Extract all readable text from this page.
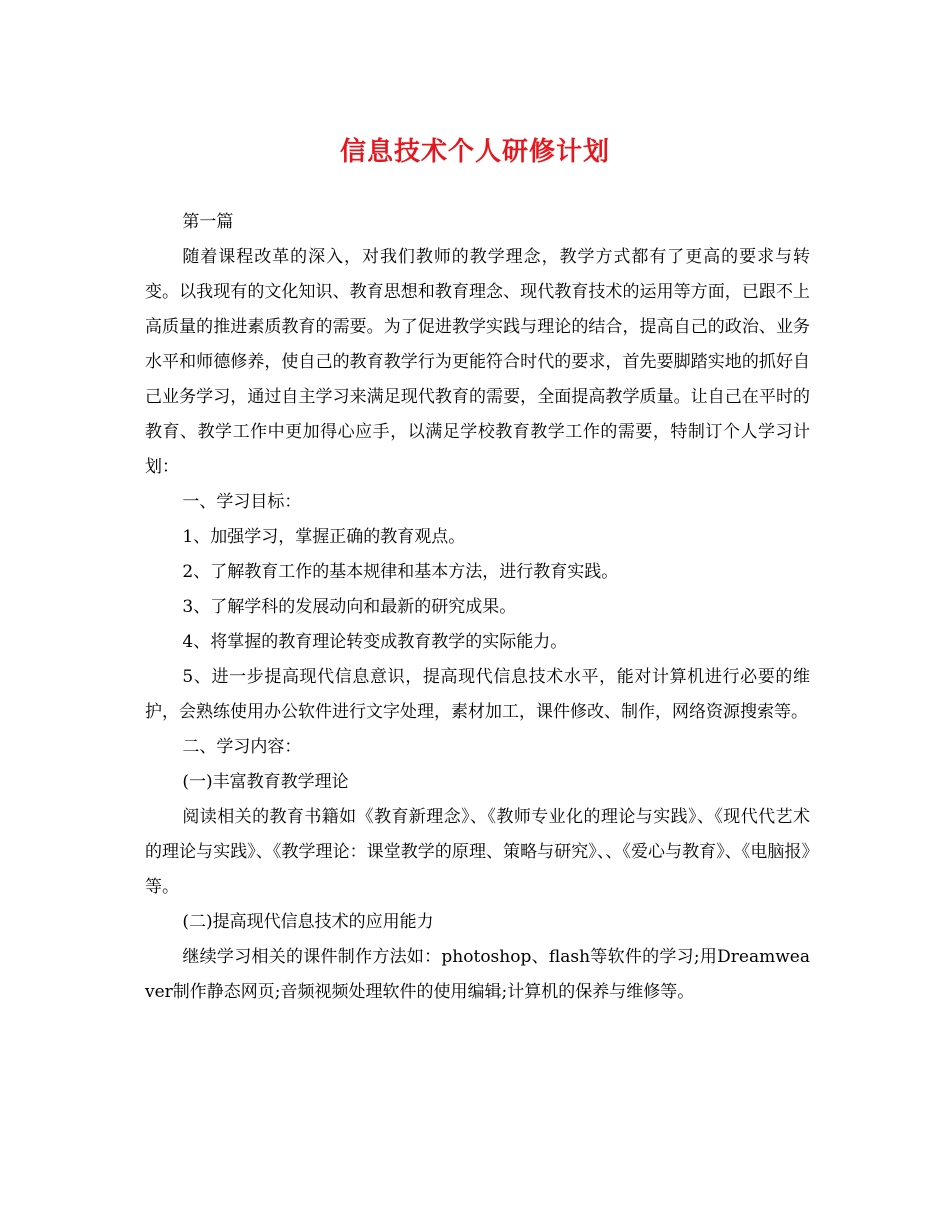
信息技术个人研修计划

第一篇

随着课程改革的深入，对我们教师的教学理念，教学方式都有了更高的要求与转变。以我现有的文化知识、教育思想和教育理念、现代教育技术的运用等方面，已跟不上高质量的推进素质教育的需要。为了促进教学实践与理论的结合，提高自己的政治、业务水平和师德修养，使自己的教育教学行为更能符合时代的要求，首先要脚踏实地的抓好自己业务学习，通过自主学习来满足现代教育的需要，全面提高教学质量。让自己在平时的教育、教学工作中更加得心应手，以满足学校教育教学工作的需要，特制订个人学习计划：

一、学习目标：

1、加强学习，掌握正确的教育观点。

2、了解教育工作的基本规律和基本方法，进行教育实践。

3、了解学科的发展动向和最新的研究成果。

4、将掌握的教育理论转变成教育教学的实际能力。

5、进一步提高现代信息意识，提高现代信息技术水平，能对计算机进行必要的维护，会熟练使用办公软件进行文字处理，素材加工，课件修改、制作，网络资源搜索等。

二、学习内容：

(一)丰富教育教学理论

阅读相关的教育书籍如《教育新理念》、《教师专业化的理论与实践》、《现代代艺术的理论与实践》、《教学理论：课堂教学的原理、策略与研究》、、《爱心与教育》、《电脑报》等。

(二)提高现代信息技术的应用能力

继续学习相关的课件制作方法如：photoshop、flash等软件的学习;用Dreamweaver制作静态网页;音频视频处理软件的使用编辑;计算机的保养与维修等。
